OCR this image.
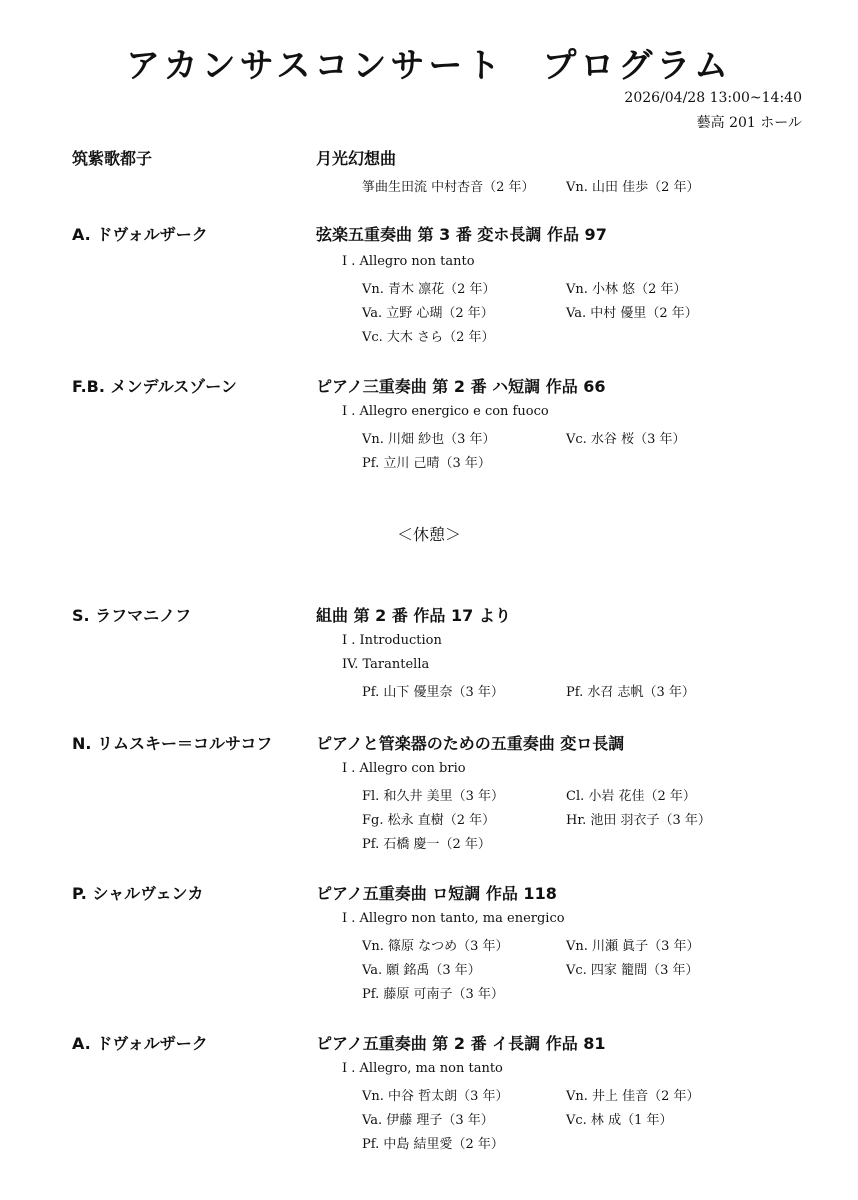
アカンサスコンサート　プログラム
2026/04/28 13:00~14:40
藝高 201 ホール
筑紫歌都子	月光幻想曲
箏曲生田流 中村杏音（2 年） Vn. 山田 佳歩（2 年）
A. ドヴォルザーク	弦楽五重奏曲 第 3 番 変ホ長調 作品 97
I . Allegro non tanto
Vn. 青木 凛花（2 年）	Vn. 小林 悠（2 年）
Va. 立野 心瑚（2 年）	Va. 中村 優里（2 年）
Vc. 大木 さら（2 年）
F.B. メンデルスゾーン	ピアノ三重奏曲 第 2 番 ハ短調 作品 66
I . Allegro energico e con fuoco
Vn. 川畑 紗也（3 年）	Vc. 水谷 桜（3 年）
Pf. 立川 己晴（3 年）
＜休憩＞
S. ラフマニノフ	組曲 第 2 番 作品 17 より
I . Introduction
IV. Tarantella
Pf. 山下 優里奈（3 年）	Pf. 水召 志帆（3 年）
N. リムスキー＝コルサコフ	ピアノと管楽器のための五重奏曲 変ロ長調
I . Allegro con brio
Fl. 和久井 美里（3 年）	Cl. 小岩 花佳（2 年）
Fg. 松永 直樹（2 年）	Hr. 池田 羽衣子（3 年）
Pf. 石橋 慶一（2 年）
P. シャルヴェンカ	ピアノ五重奏曲 ロ短調 作品 118
I . Allegro non tanto, ma energico
Vn. 篠原 なつめ（3 年）	Vn. 川瀬 眞子（3 年）
Va. 願 銘禹（3 年）	Vc. 四家 籠間（3 年）
Pf. 藤原 可南子（3 年）
A. ドヴォルザーク	ピアノ五重奏曲 第 2 番 イ長調 作品 81
I . Allegro, ma non tanto
Vn. 中谷 哲太朗（3 年）	Vn. 井上 佳音（2 年）
Va. 伊藤 理子（3 年）	Vc. 林 成（1 年）
Pf. 中島 結里愛（2 年）
